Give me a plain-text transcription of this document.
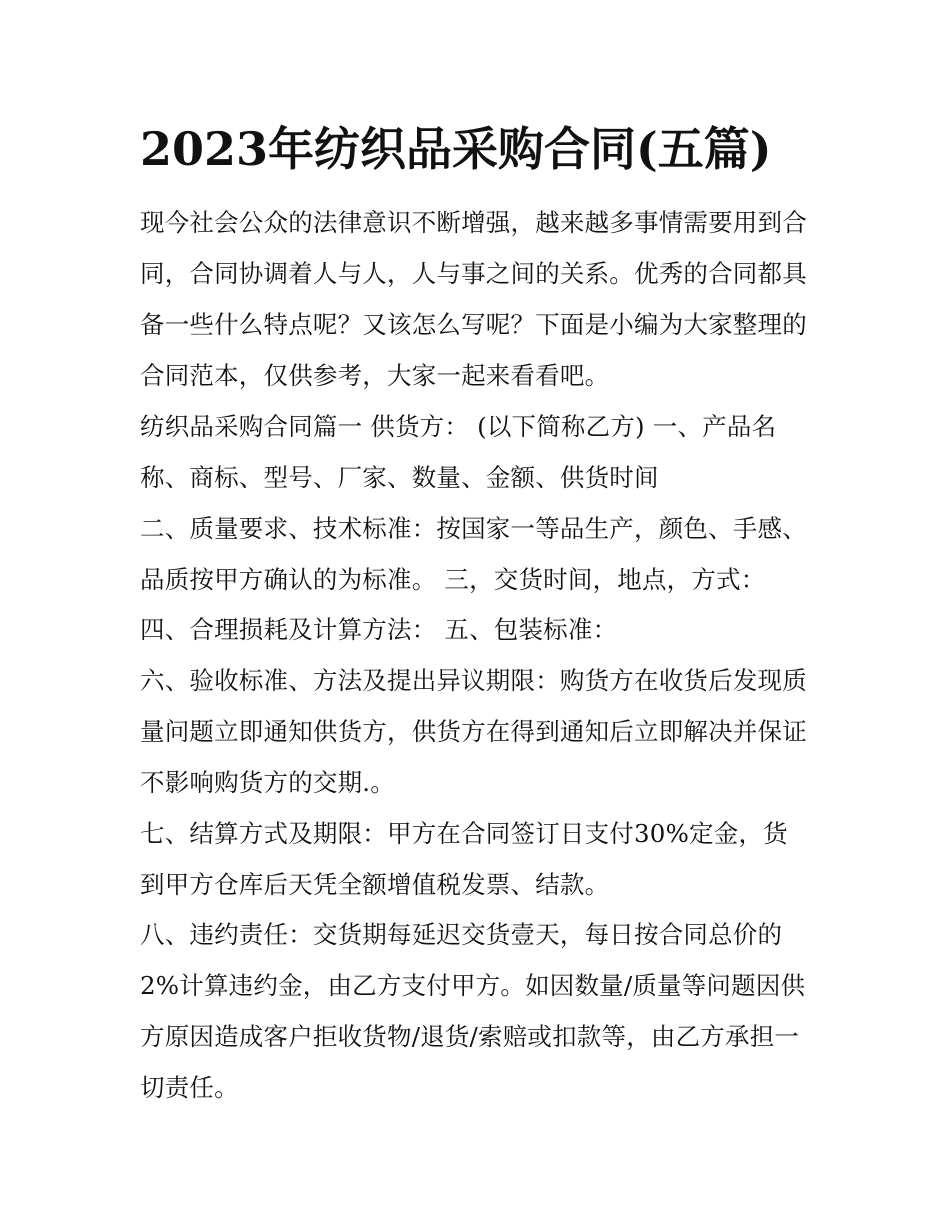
2023年纺织品采购合同(五篇)
现今社会公众的法律意识不断增强，越来越多事情需要用到合
同，合同协调着人与人，人与事之间的关系。优秀的合同都具
备一些什么特点呢？又该怎么写呢？下面是小编为大家整理的
合同范本，仅供参考，大家一起来看看吧。
纺织品采购合同篇一 供货方： (以下简称乙方) 一、产品名
称、商标、型号、厂家、数量、金额、供货时间
二、质量要求、技术标准：按国家一等品生产，颜色、手感、
品质按甲方确认的为标准。 三，交货时间，地点，方式：
四、合理损耗及计算方法： 五、包装标准：
六、验收标准、方法及提出异议期限：购货方在收货后发现质
量问题立即通知供货方，供货方在得到通知后立即解决并保证
不影响购货方的交期.。
七、结算方式及期限：甲方在合同签订日支付30%定金，货
到甲方仓库后天凭全额增值税发票、结款。
八、违约责任：交货期每延迟交货壹天，每日按合同总价的
2%计算违约金，由乙方支付甲方。如因数量/质量等问题因供
方原因造成客户拒收货物/退货/索赔或扣款等，由乙方承担一
切责任。
